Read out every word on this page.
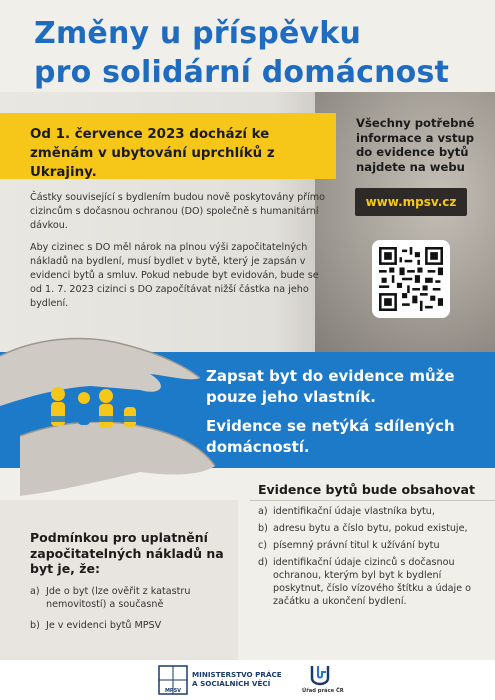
Změny u příspěvku
pro solidární domácnost
Od 1. července 2023 dochází ke změnám v ubytování uprchlíků z Ukrajiny.
Všechny potřebné informace a vstup do evidence bytů najdete na webu
www.mpsv.cz

Částky související s bydlením budou nově poskytovány přímo cizincům s dočasnou ochranou (DO) společně s humanitární dávkou.

Aby cizinec s DO měl nárok na plnou výši započitatelných nákladů na bydlení, musí bydlet v bytě, který je zapsán v evidenci bytů a smluv. Pokud nebude byt evidován, bude se od 1. 7. 2023 cizinci s DO započítávat nižší částka na jeho bydlení.

Zapsat byt do evidence může pouze jeho vlastník.

Evidence se netýká sdílených domácností.

Podmínkou pro uplatnění započitatelných nákladů na byt je, že:
a) Jde o byt (lze ověřit z katastru nemovitostí) a současně
b) Je v evidenci bytů MPSV
Evidence bytů bude obsahovat
a) identifikační údaje vlastníka bytu,
b) adresu bytu a číslo bytu, pokud existuje,
c) písemný právní titul k užívání bytu
d) identifikační údaje cizinců s dočasnou ochranou, kterým byl byt k bydlení poskytnut, číslo vízového štítku a údaje o začátku a ukončení bydlení.
MPSV
MINISTERSTVO PRÁCE
A SOCIÁLNÍCH VĚCÍ
Úřad práce ČR
